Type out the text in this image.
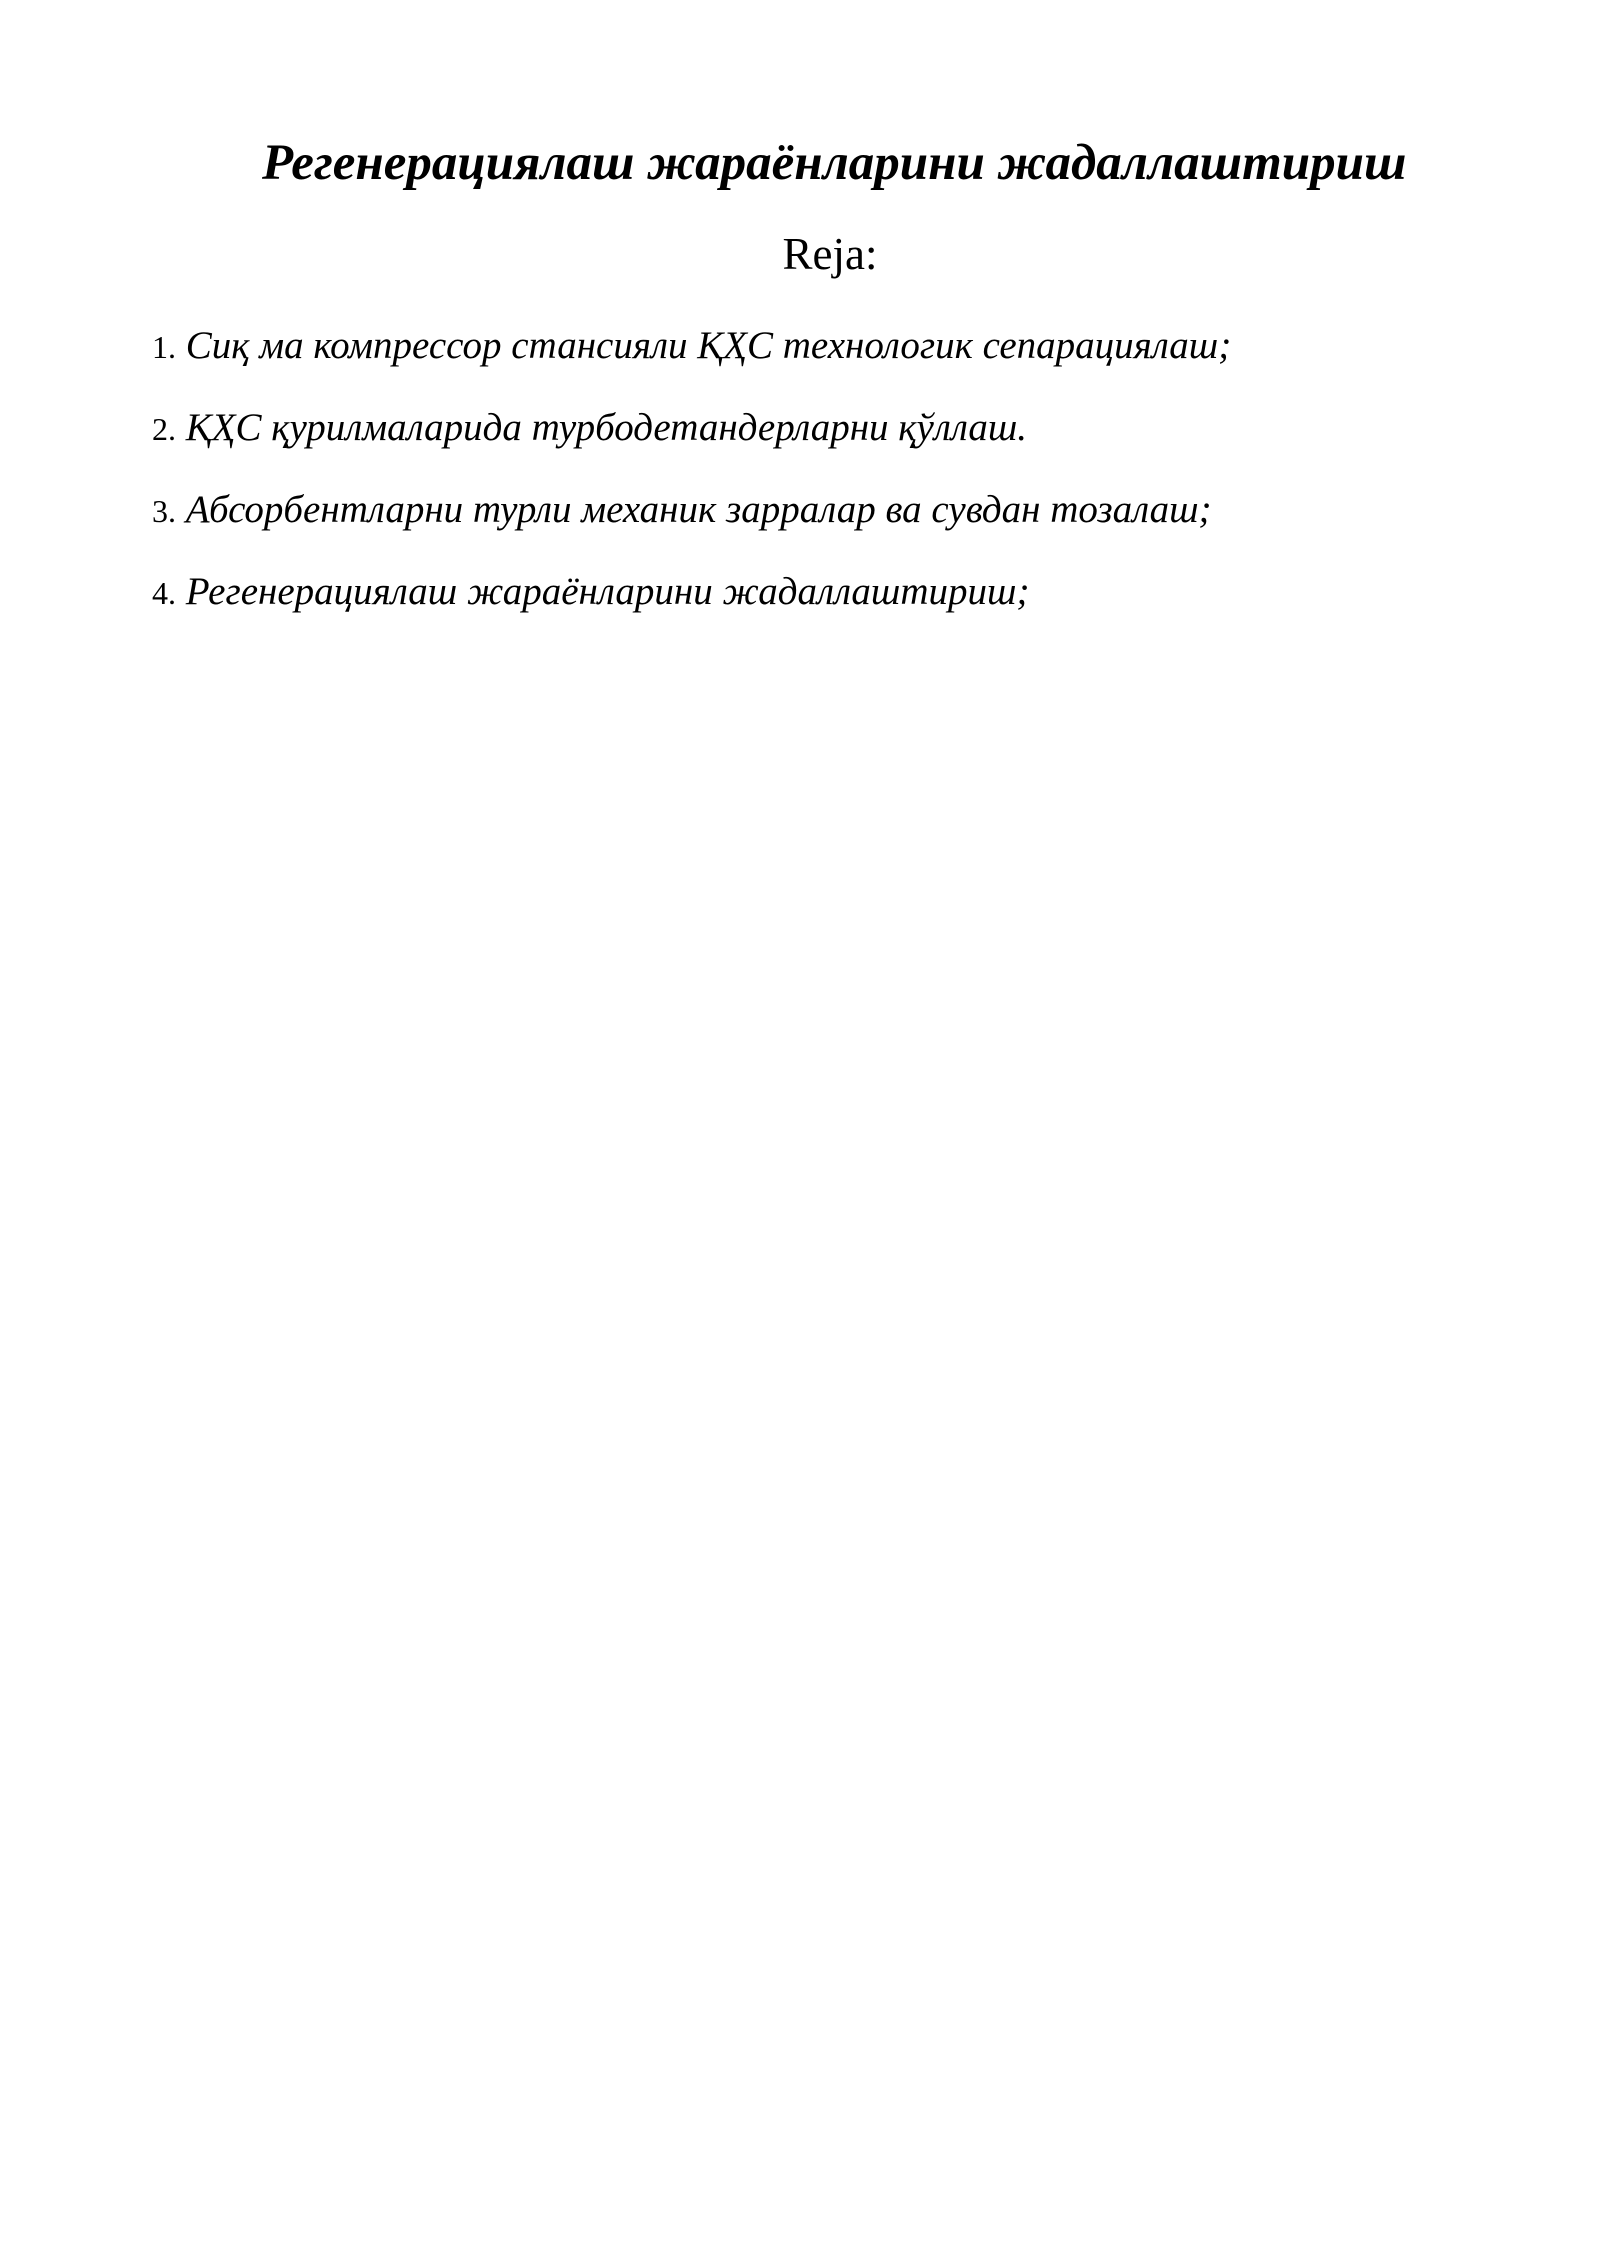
Регенерациялаш жараёнларини жадаллаштириш
Reja:
1. Сиқ ма компрессор стансияли ҚҲС технологик сепарациялаш;
2. ҚҲС қурилмаларида турбодетандерларни қўллаш.
3. Абсорбентларни турли механик зарралар ва сувдан тозалаш;
4. Регенерациялаш жараёнларини жадаллаштириш;
